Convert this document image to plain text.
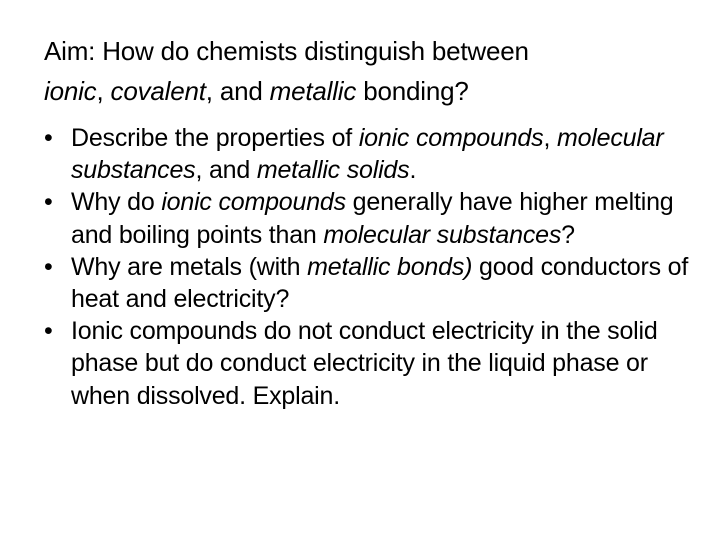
Aim: How do chemists distinguish between
ionic, covalent, and metallic bonding?
• Describe the properties of ionic compounds, molecular substances, and metallic solids.
• Why do ionic compounds generally have higher melting and boiling points than molecular substances?
• Why are metals (with metallic bonds) good conductors of heat and electricity?
• Ionic compounds do not conduct electricity in the solid phase but do conduct electricity in the liquid phase or when dissolved. Explain.
